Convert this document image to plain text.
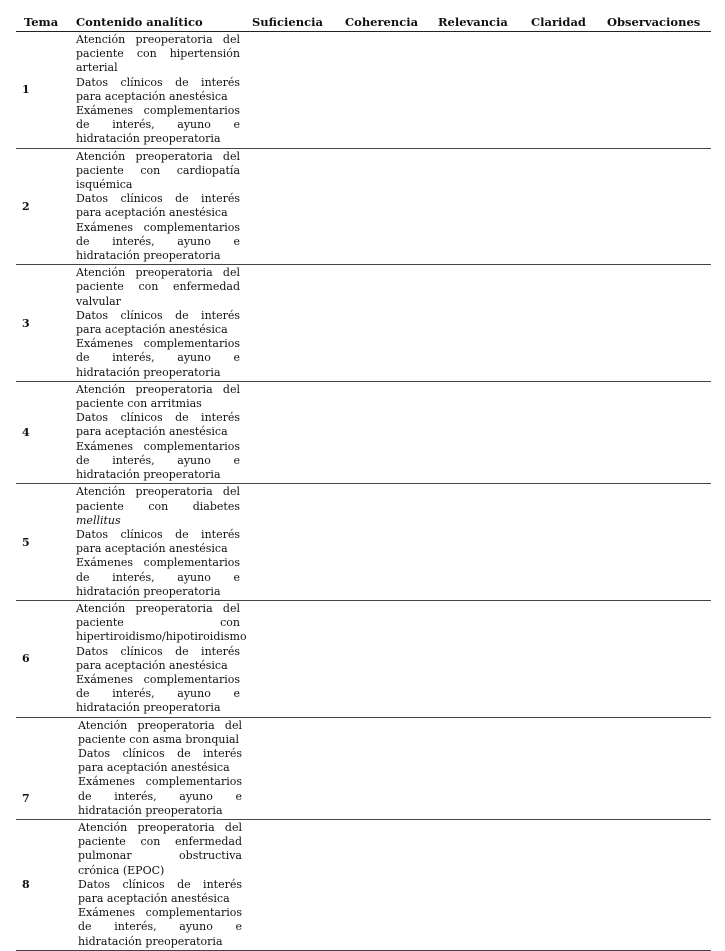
Tema	Contenido analítico	Suficiencia	Coherencia	Relevancia	Claridad	Observaciones
1	Atención preoperatoria del paciente con hipertensión arterial
Datos clínicos de interés para aceptación anestésica
Exámenes complementarios de interés, ayuno e hidratación preoperatoria					

2	Atención preoperatoria del paciente con cardiopatía isquémica
Datos clínicos de interés para aceptación anestésica
Exámenes complementarios de interés, ayuno e hidratación preoperatoria					

3	Atención preoperatoria del paciente con enfermedad valvular
Datos clínicos de interés para aceptación anestésica
Exámenes complementarios de interés, ayuno e hidratación preoperatoria					

4	Atención preoperatoria del paciente con arritmias
Datos clínicos de interés para aceptación anestésica
Exámenes complementarios de interés, ayuno e hidratación preoperatoria					

5	Atención preoperatoria del paciente con diabetes mellitus
Datos clínicos de interés para aceptación anestésica
Exámenes complementarios de interés, ayuno e hidratación preoperatoria					

6	Atención preoperatoria del paciente con hipertiroidismo/hipotiroidismo
Datos clínicos de interés para aceptación anestésica
Exámenes complementarios de interés, ayuno e hidratación preoperatoria					

7	Atención preoperatoria del paciente con asma bronquial
Datos clínicos de interés para aceptación anestésica
Exámenes complementarios de interés, ayuno e hidratación preoperatoria					

8	Atención preoperatoria del paciente con enfermedad pulmonar obstructiva crónica (EPOC)
Datos clínicos de interés para aceptación anestésica
Exámenes complementarios de interés, ayuno e hidratación preoperatoria					
